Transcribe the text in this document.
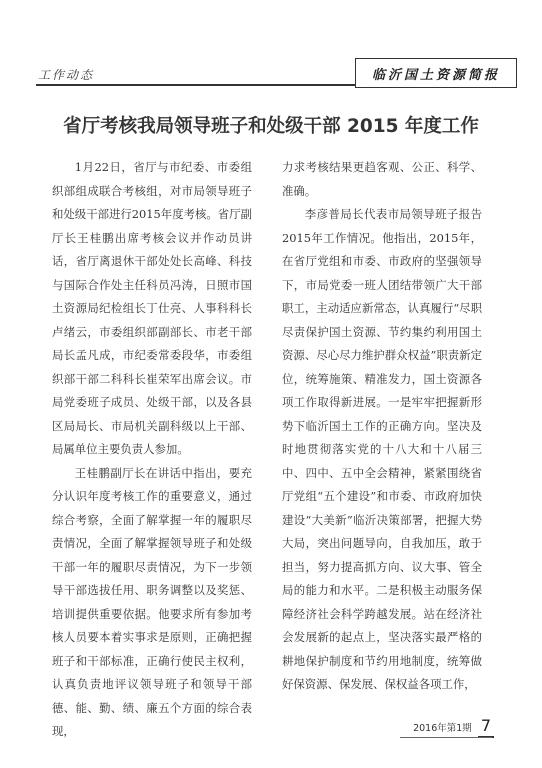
工作动态	临沂国土资源简报
省厅考核我局领导班子和处级干部 2015 年度工作

1月22日，省厅与市纪委、市委组织部组成联合考核组，对市局领导班子和处级干部进行2015年度考核。省厅副厅长王桂鹏出席考核会议并作动员讲话，省厅离退休干部处处长高峰、科技与国际合作处主任科员冯涛，日照市国土资源局纪检组长丁仕亮、人事科科长卢绪云，市委组织部副部长、市老干部局长孟凡成，市纪委常委段华，市委组织部干部二科科长崔荣军出席会议。市局党委班子成员、处级干部，以及各县区局局长、市局机关副科级以上干部、局属单位主要负责人参加。

王桂鹏副厅长在讲话中指出，要充分认识年度考核工作的重要意义，通过综合考察，全面了解掌握一年的履职尽责情况，全面了解掌握领导班子和处级干部一年的履职尽责情况，为下一步领导干部选拔任用、职务调整以及奖惩、培训提供重要依据。他要求所有参加考核人员要本着实事求是原则，正确把握班子和干部标准，正确行使民主权利，认真负责地评议领导班子和领导干部德、能、勤、绩、廉五个方面的综合表现，

力求考核结果更趋客观、公正、科学、准确。

李彦普局长代表市局领导班子报告2015年工作情况。他指出，2015年，在省厅党组和市委、市政府的坚强领导下，市局党委一班人团结带领广大干部职工，主动适应新常态，认真履行“尽职尽责保护国土资源、节约集约利用国土资源、尽心尽力维护群众权益”职责新定位，统筹施策、精准发力，国土资源各项工作取得新进展。一是牢牢把握新形势下临沂国土工作的正确方向。坚决及时地贯彻落实党的十八大和十八届三中、四中、五中全会精神，紧紧围绕省厅党组“五个建设”和市委、市政府加快建设“大美新”临沂决策部署，把握大势大局，突出问题导向，自我加压，敢于担当，努力提高抓方向、议大事、管全局的能力和水平。二是积极主动服务保障经济社会科学跨越发展。站在经济社会发展新的起点上，坚决落实最严格的耕地保护制度和节约用地制度，统筹做好保资源、保发展、保权益各项工作，

2016年第1期 7
